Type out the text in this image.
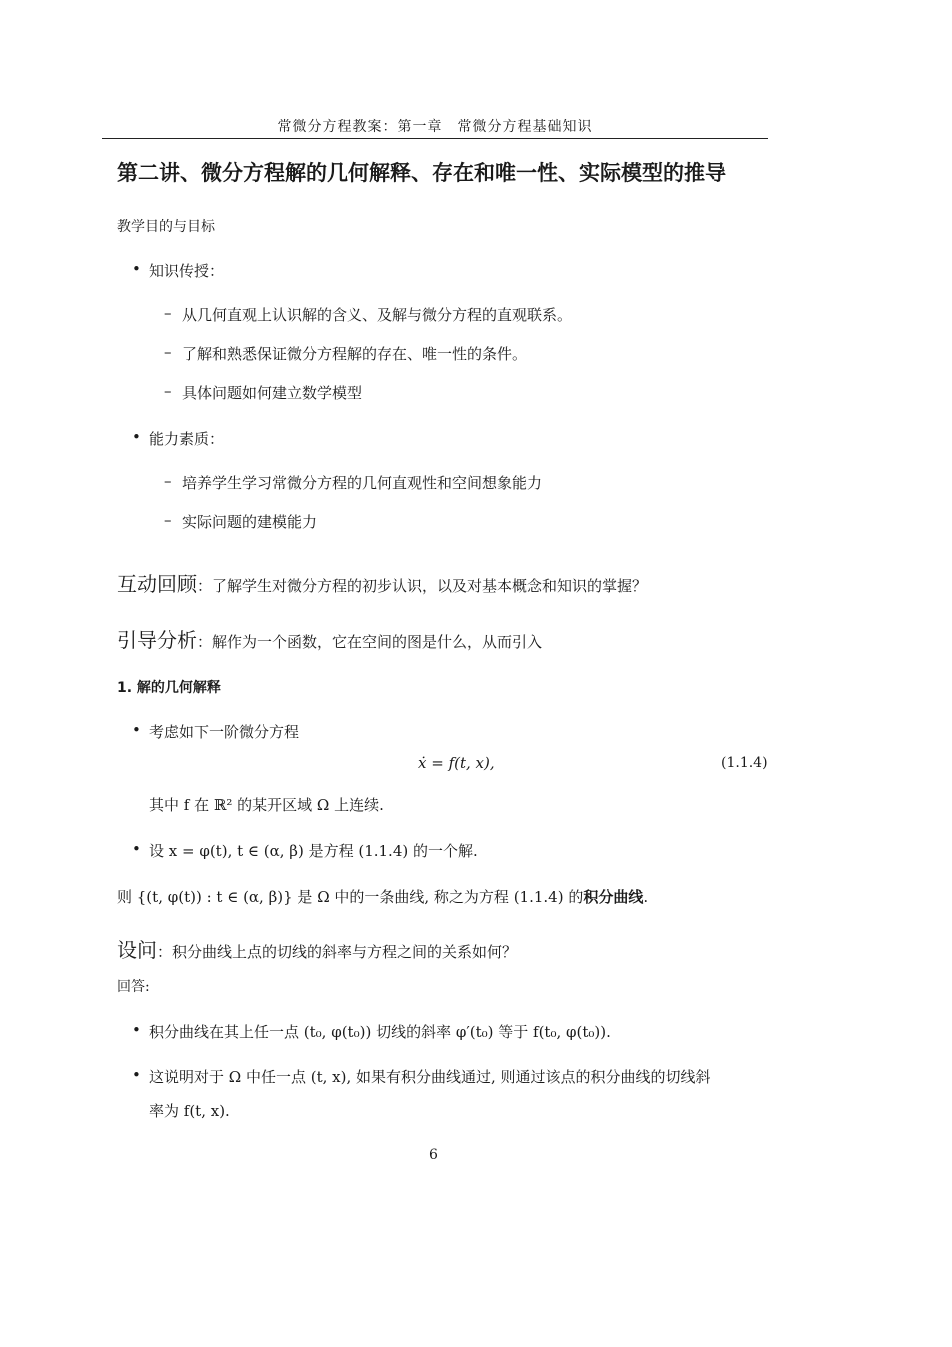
常微分方程教案：第一章　常微分方程基础知识
第二讲、微分方程解的几何解释、存在和唯一性、实际模型的推导
教学目的与目标
• 知识传授：
– 从几何直观上认识解的含义、及解与微分方程的直观联系。
– 了解和熟悉保证微分方程解的存在、唯一性的条件。
– 具体问题如何建立数学模型
• 能力素质：
– 培养学生学习常微分方程的几何直观性和空间想象能力
– 实际问题的建模能力
互动回顾：了解学生对微分方程的初步认识，以及对基本概念和知识的掌握？
引导分析：解作为一个函数，它在空间的图是什么，从而引入
1. 解的几何解释
• 考虑如下一阶微分方程
ẋ = f(t, x),	(1.1.4)
其中 f 在 ℝ² 的某开区域 Ω 上连续.
• 设 x = φ(t), t ∈ (α, β) 是方程 (1.1.4) 的一个解.
则 {(t, φ(t)) : t ∈ (α, β)} 是 Ω 中的一条曲线, 称之为方程 (1.1.4) 的积分曲线.
设问：积分曲线上点的切线的斜率与方程之间的关系如何？
回答:
• 积分曲线在其上任一点 (t₀, φ(t₀)) 切线的斜率 φ′(t₀) 等于 f(t₀, φ(t₀)).
• 这说明对于 Ω 中任一点 (t, x), 如果有积分曲线通过, 则通过该点的积分曲线的切线斜
率为 f(t, x).
6
